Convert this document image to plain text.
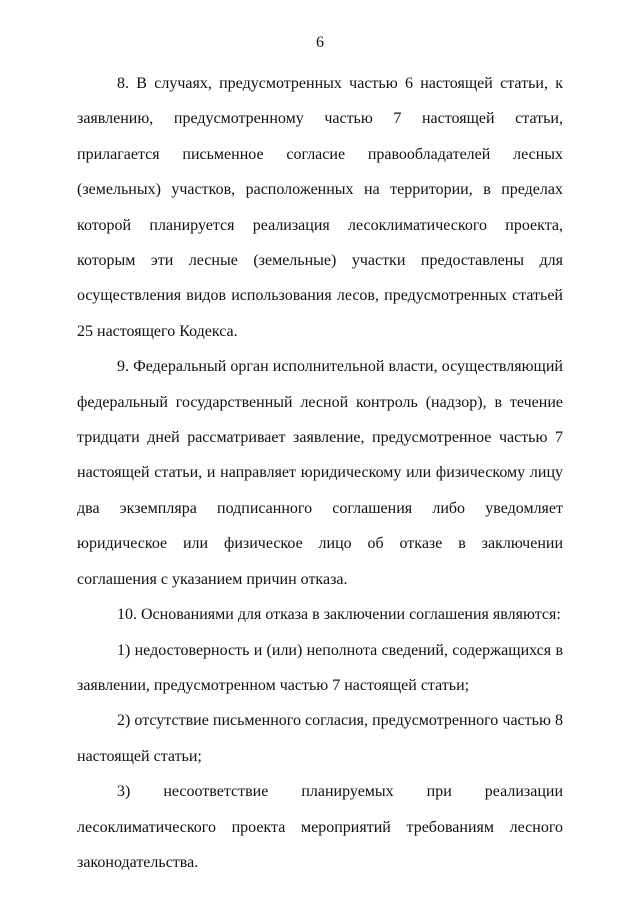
6

8. В случаях, предусмотренных частью 6 настоящей статьи, к заявлению, предусмотренному частью 7 настоящей статьи, прилагается письменное согласие правообладателей лесных (земельных) участков, расположенных на территории, в пределах которой планируется реализация лесоклиматического проекта, которым эти лесные (земельные) участки предоставлены для осуществления видов использования лесов, предусмотренных статьей 25 настоящего Кодекса.

9. Федеральный орган исполнительной власти, осуществляющий федеральный государственный лесной контроль (надзор), в течение тридцати дней рассматривает заявление, предусмотренное частью 7 настоящей статьи, и направляет юридическому или физическому лицу два экземпляра подписанного соглашения либо уведомляет юридическое или физическое лицо об отказе в заключении соглашения с указанием причин отказа.

10. Основаниями для отказа в заключении соглашения являются:

1) недостоверность и (или) неполнота сведений, содержащихся в заявлении, предусмотренном частью 7 настоящей статьи;

2) отсутствие письменного согласия, предусмотренного частью 8 настоящей статьи;

3) несоответствие планируемых при реализации лесоклиматического проекта мероприятий требованиям лесного законодательства.
